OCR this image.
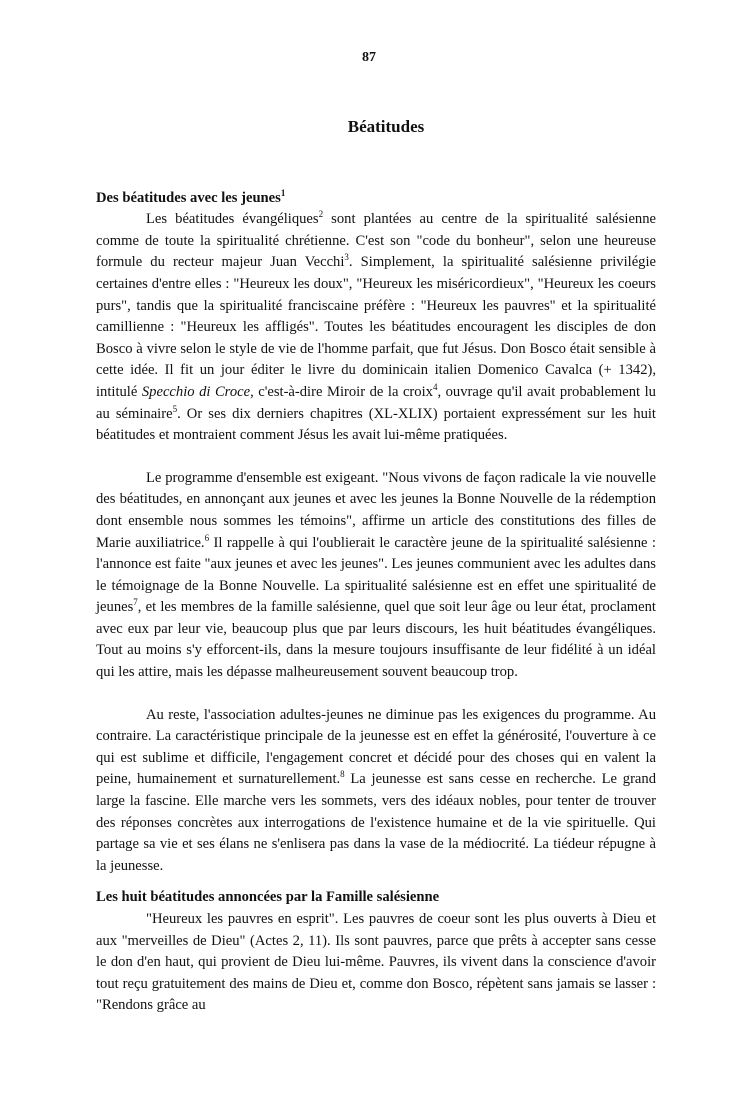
87
Béatitudes

Des béatitudes avec les jeunes$^1$

Les béatitudes évangéliques$^2$ sont plantées au centre de la spiritualité salésienne comme de toute la spiritualité chrétienne. C'est son "code du bonheur", selon une heureuse formule du recteur majeur Juan Vecchi$^3$. Simplement, la spiritualité salésienne privilégie certaines d'entre elles : "Heureux les doux", "Heureux les miséricordieux", "Heureux les coeurs purs", tandis que la spiritualité franciscaine préfère : "Heureux les pauvres" et la spiritualité camillienne : "Heureux les affligés". Toutes les béatitudes encouragent les disciples de don Bosco à vivre selon le style de vie de l'homme parfait, que fut Jésus. Don Bosco était sensible à cette idée. Il fit un jour éditer le livre du dominicain italien Domenico Cavalca (+ 1342), intitulé Specchio di Croce, c'est-à-dire Miroir de la croix$^4$, ouvrage qu'il avait probablement lu au séminaire$^5$. Or ses dix derniers chapitres (XL-XLIX) portaient expressément sur les huit béatitudes et montraient comment Jésus les avait lui-même pratiquées.

Le programme d'ensemble est exigeant. "Nous vivons de façon radicale la vie nouvelle des béatitudes, en annonçant aux jeunes et avec les jeunes la Bonne Nouvelle de la rédemption dont ensemble nous sommes les témoins", affirme un article des constitutions des filles de Marie auxiliatrice.$^6$ Il rappelle à qui l'oublierait le caractère jeune de la spiritualité salésienne : l'annonce est faite "aux jeunes et avec les jeunes". Les jeunes communient avec les adultes dans le témoignage de la Bonne Nouvelle. La spiritualité salésienne est en effet une spiritualité de jeunes$^7$, et les membres de la famille salésienne, quel que soit leur âge ou leur état, proclament avec eux par leur vie, beaucoup plus que par leurs discours, les huit béatitudes évangéliques. Tout au moins s'y efforcent-ils, dans la mesure toujours insuffisante de leur fidélité à un idéal qui les attire, mais les dépasse malheureusement souvent beaucoup trop.

Au reste, l'association adultes-jeunes ne diminue pas les exigences du programme. Au contraire. La caractéristique principale de la jeunesse est en effet la générosité, l'ouverture à ce qui est sublime et difficile, l'engagement concret et décidé pour des choses qui en valent la peine, humainement et surnaturellement.$^8$ La jeunesse est sans cesse en recherche. Le grand large la fascine. Elle marche vers les sommets, vers des idéaux nobles, pour tenter de trouver des réponses concrètes aux interrogations de l'existence humaine et de la vie spirituelle. Qui partage sa vie et ses élans ne s'enlisera pas dans la vase de la médiocrité. La tiédeur répugne à la jeunesse.

Les huit béatitudes annoncées par la Famille salésienne

"Heureux les pauvres en esprit". Les pauvres de coeur sont les plus ouverts à Dieu et aux "merveilles de Dieu" (Actes 2, 11). Ils sont pauvres, parce que prêts à accepter sans cesse le don d'en haut, qui provient de Dieu lui-même. Pauvres, ils vivent dans la conscience d'avoir tout reçu gratuitement des mains de Dieu et, comme don Bosco, répètent sans jamais se lasser : "Rendons grâce au
